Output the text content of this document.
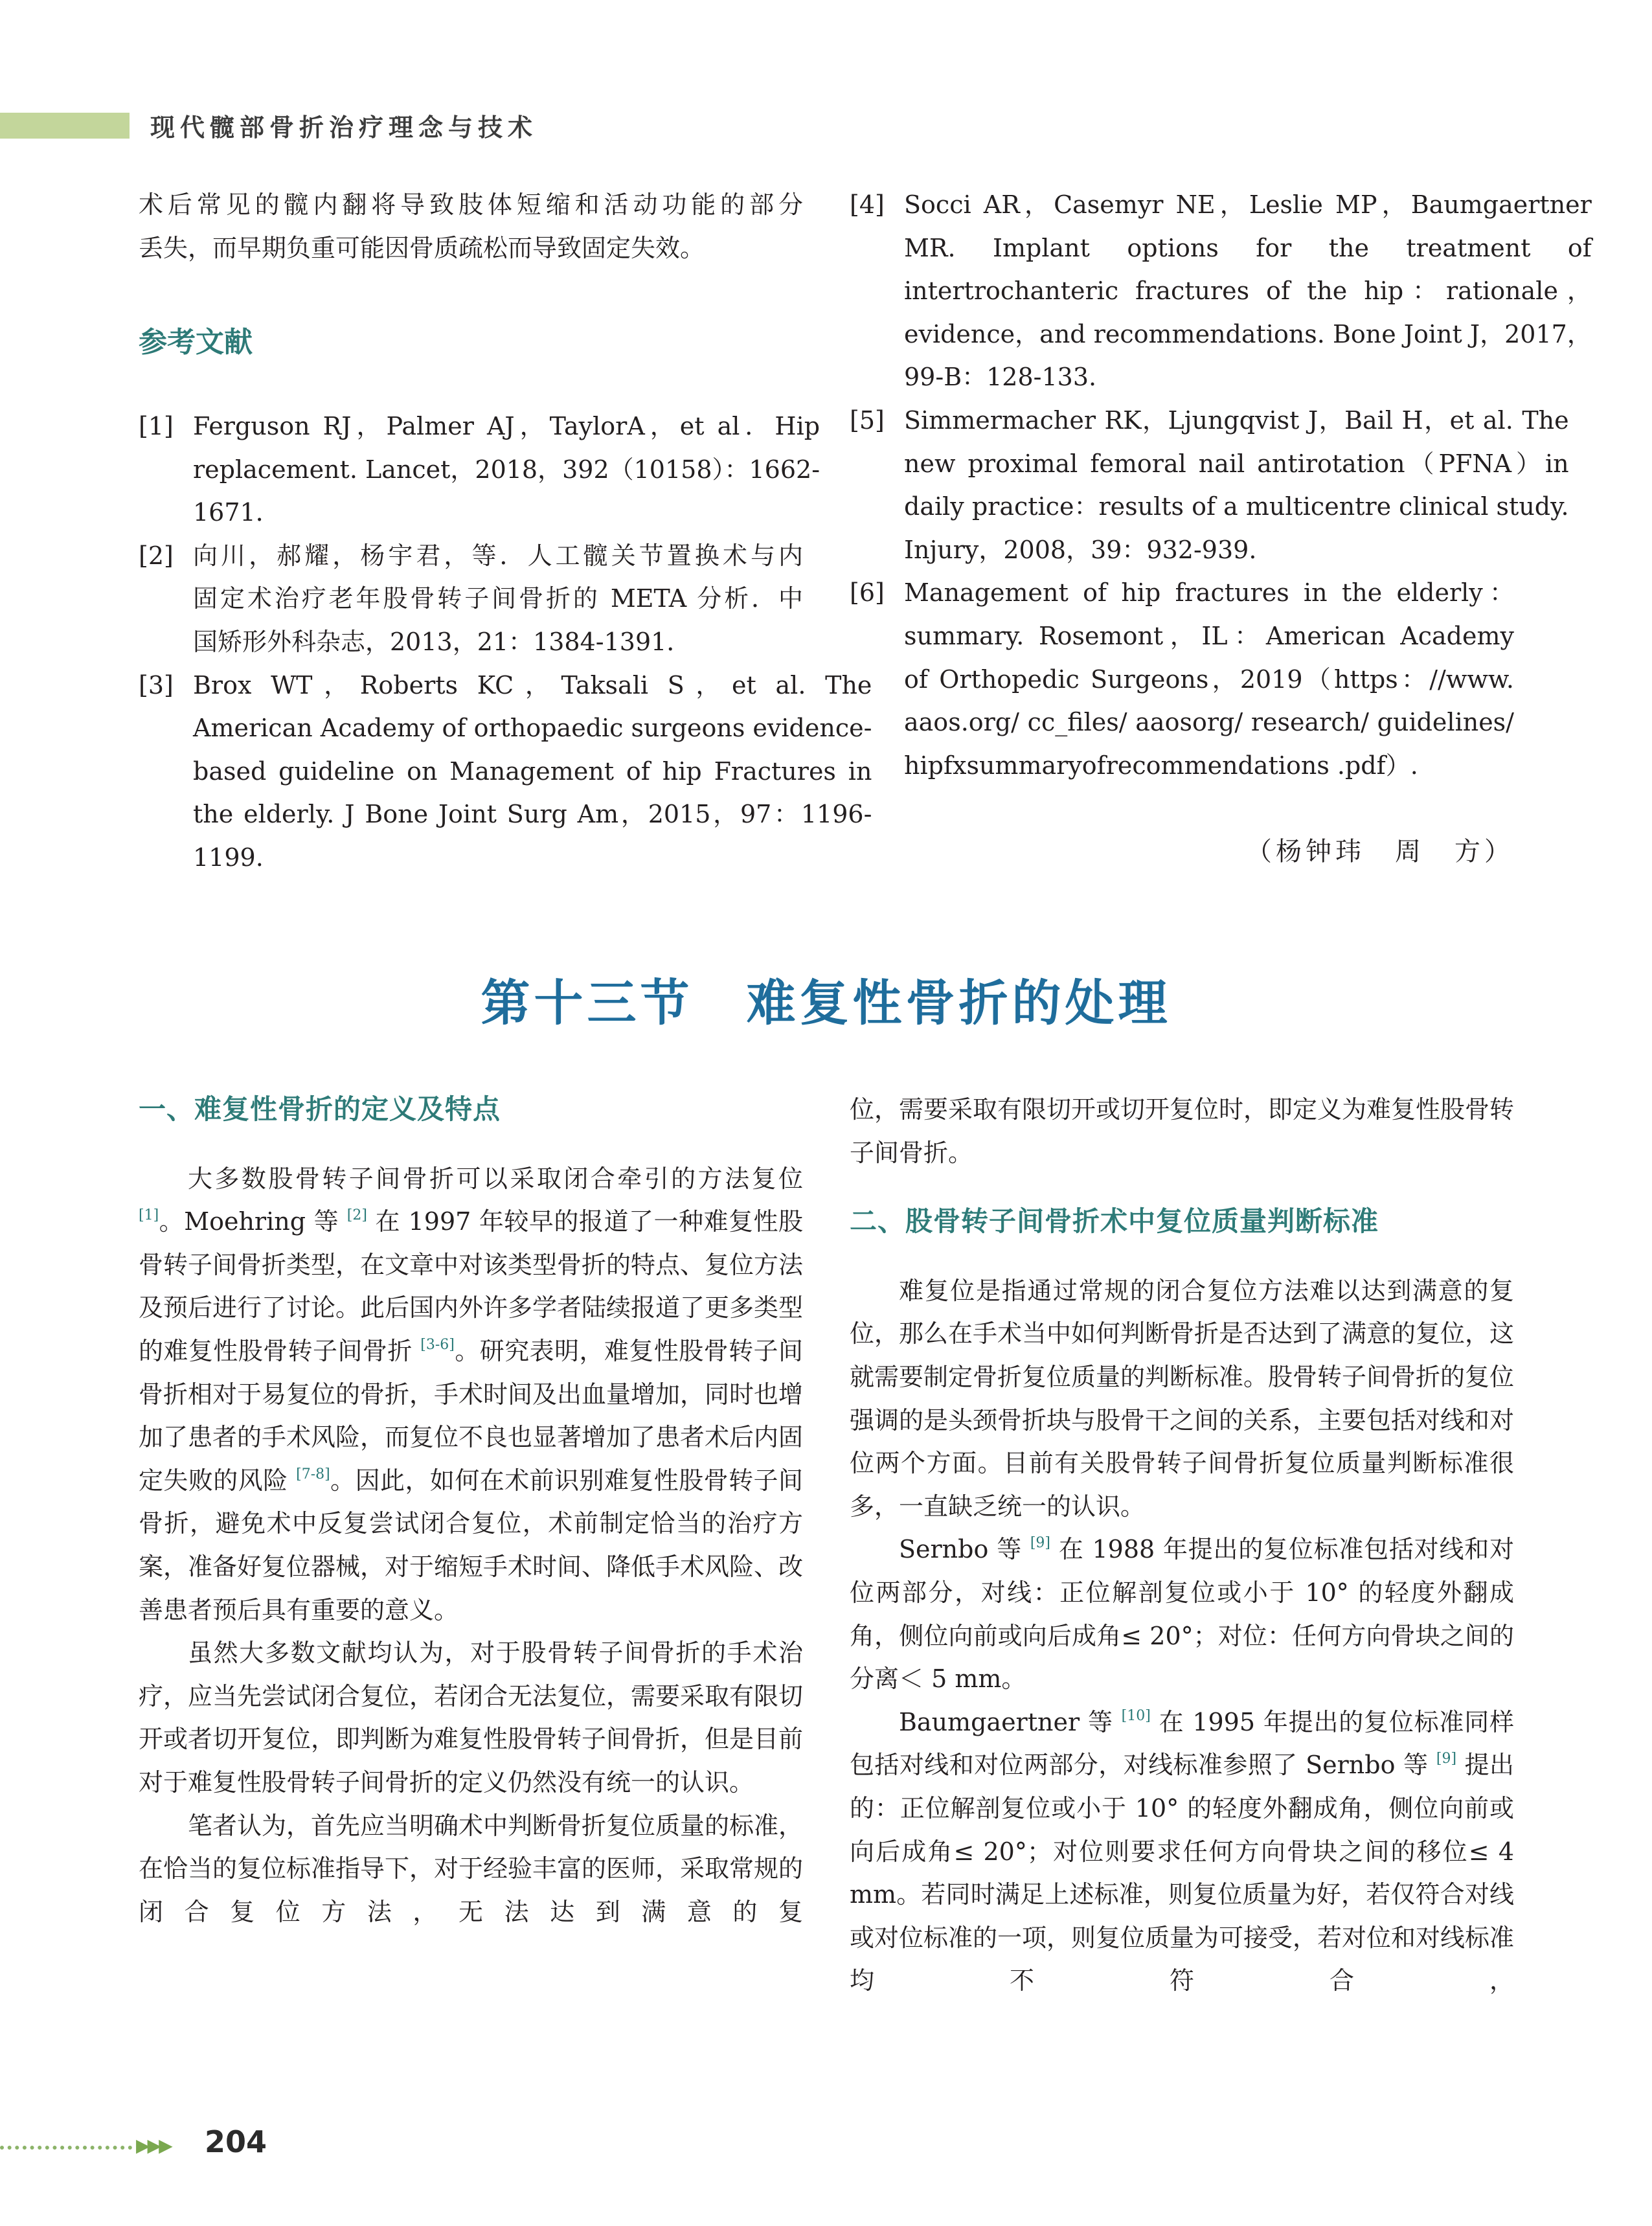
现代髋部骨折治疗理念与技术

术后常见的髋内翻将导致肢体短缩和活动功能的部分

丢失，而早期负重可能因骨质疏松而导致固定失效。

参考文献
[1] Ferguson RJ，Palmer AJ，TaylorA，et al．Hip
replacement. Lancet，2018，392（10158）：1662-
1671．
[2] 向川，郝耀，杨宇君，等．人工髋关节置换术与内
固定术治疗老年股骨转子间骨折的 META 分析．中
国矫形外科杂志，2013，21：1384-1391．
[3] Brox WT，Roberts KC，Taksali S，et al. The
American Academy of orthopaedic surgeons evidence-
based guideline on Management of hip Fractures in
the elderly. J Bone Joint Surg Am，2015，97：1196-
1199.
[4] Socci AR，Casemyr NE，Leslie MP，Baumgaertner
MR. Implant options for the treatment of
intertrochanteric fractures of the hip：rationale，
evidence，and recommendations. Bone Joint J，2017，
99-B：128-133.
[5] Simmermacher RK，Ljungqvist J，Bail H，et al. The
new proximal femoral nail antirotation（PFNA）in
daily practice：results of a multicentre clinical study.
Injury，2008，39：932-939.
[6] Management of hip fractures in the elderly：
summary. Rosemont，IL：American Academy
of Orthopedic Surgeons，2019（https：//www.
aaos.org/ cc_files/ aaosorg/ research/ guidelines/
hipfxsummaryofrecommendations .pdf）.
（杨钟玮　周　方）
第十三节　难复性骨折的处理

一、难复性骨折的定义及特点

大多数股骨转子间骨折可以采取闭合牵引的方法复位 [1]。Moehring 等 [2] 在 1997 年较早的报道了一种难复性股骨转子间骨折类型，在文章中对该类型骨折的特点、复位方法及预后进行了讨论。此后国内外许多学者陆续报道了更多类型的难复性股骨转子间骨折 [3-6]。研究表明，难复性股骨转子间骨折相对于易复位的骨折，手术时间及出血量增加，同时也增加了患者的手术风险，而复位不良也显著增加了患者术后内固定失败的风险 [7-8]。因此，如何在术前识别难复性股骨转子间骨折，避免术中反复尝试闭合复位，术前制定恰当的治疗方案，准备好复位器械，对于缩短手术时间、降低手术风险、改善患者预后具有重要的意义。

虽然大多数文献均认为，对于股骨转子间骨折的手术治疗，应当先尝试闭合复位，若闭合无法复位，需要采取有限切开或者切开复位，即判断为难复性股骨转子间骨折，但是目前对于难复性股骨转子间骨折的定义仍然没有统一的认识。

笔者认为，首先应当明确术中判断骨折复位质量的标准，在恰当的复位标准指导下，对于经验丰富的医师，采取常规的闭合复位方法，无法达到满意的复

位，需要采取有限切开或切开复位时，即定义为难复性股骨转子间骨折。

二、股骨转子间骨折术中复位质量判断标准

难复位是指通过常规的闭合复位方法难以达到满意的复位，那么在手术当中如何判断骨折是否达到了满意的复位，这就需要制定骨折复位质量的判断标准。股骨转子间骨折的复位强调的是头颈骨折块与股骨干之间的关系，主要包括对线和对位两个方面。目前有关股骨转子间骨折复位质量判断标准很多，一直缺乏统一的认识。

Sernbo 等 [9] 在 1988 年提出的复位标准包括对线和对位两部分，对线：正位解剖复位或小于 10° 的轻度外翻成角，侧位向前或向后成角≤ 20°；对位：任何方向骨块之间的分离＜ 5 mm。

Baumgaertner 等 [10] 在 1995 年提出的复位标准同样包括对线和对位两部分，对线标准参照了 Sernbo 等 [9] 提出的：正位解剖复位或小于 10° 的轻度外翻成角，侧位向前或向后成角≤ 20°；对位则要求任何方向骨块之间的移位≤ 4 mm。若同时满足上述标准，则复位质量为好，若仅符合对线或对位标准的一项，则复位质量为可接受，若对位和对线标准均不符合，

▶▶▶ 204
